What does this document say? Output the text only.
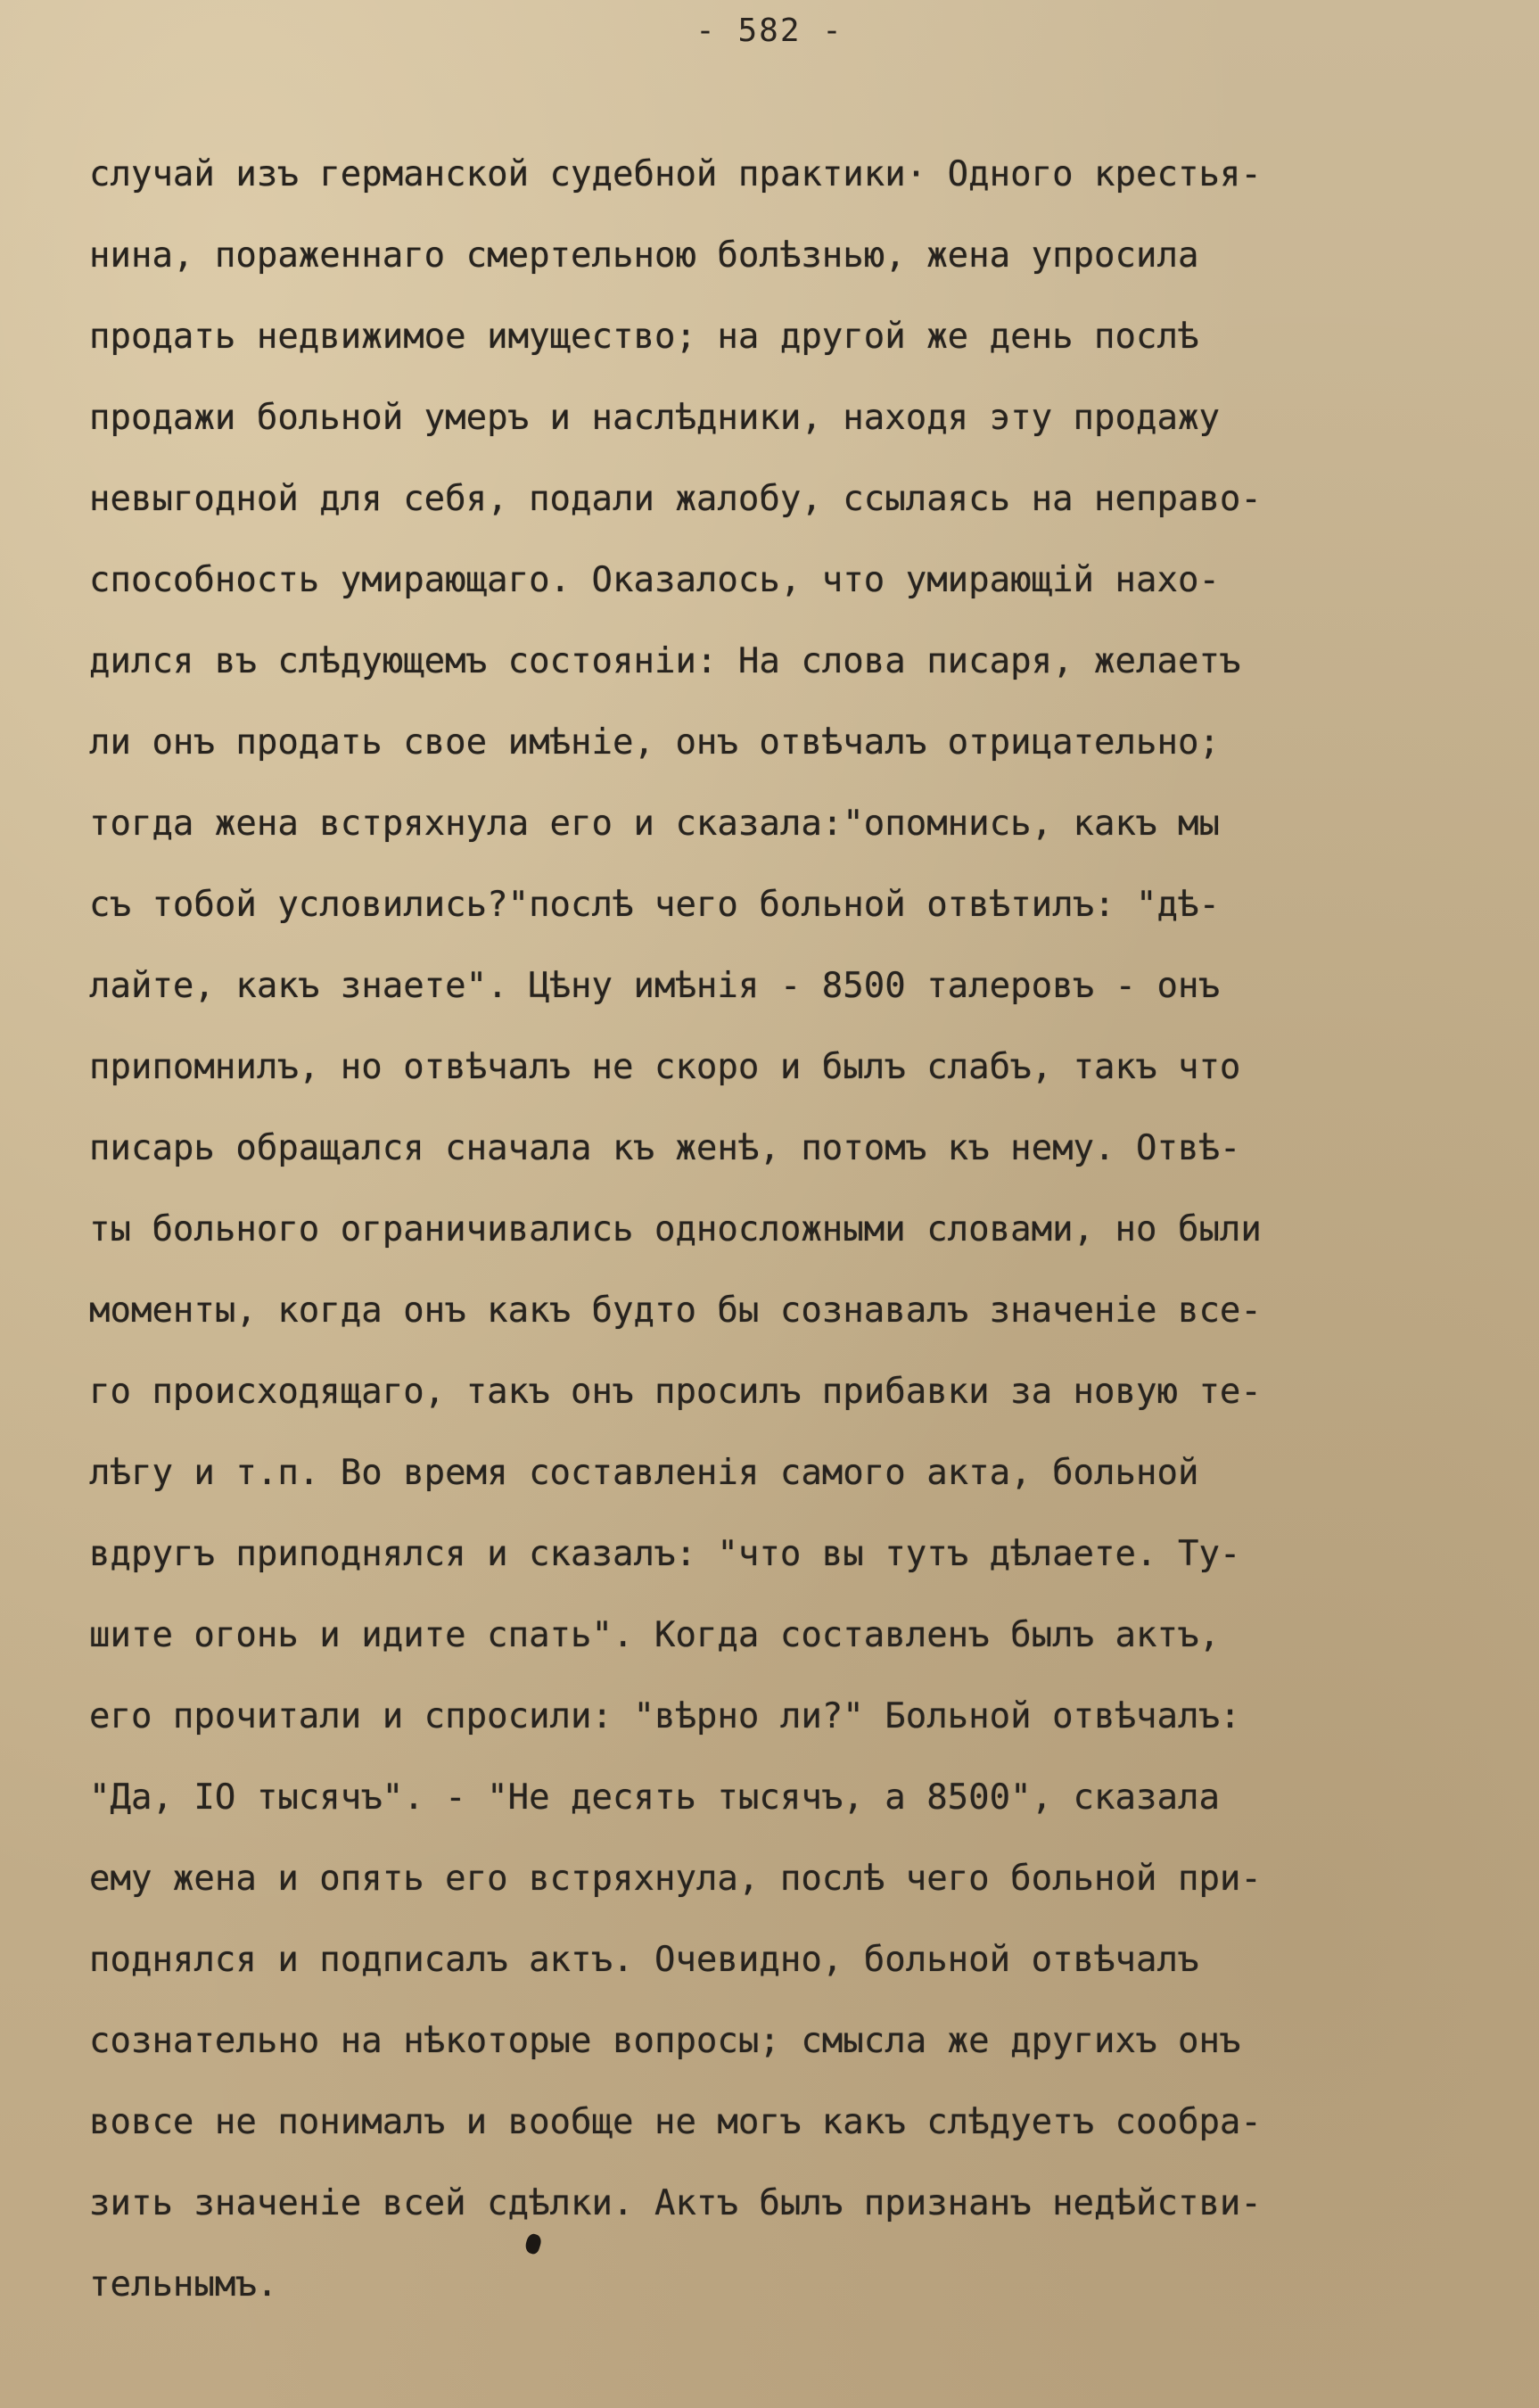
- 582 -
случай изъ германской судебной практики· Одного крестья-
нина, пораженнаго смертельною болѣзнью, жена упросила
продать недвижимое имущество; на другой же день послѣ
продажи больной умеръ и наслѣдники, находя эту продажу
невыгодной для себя, подали жалобу, ссылаясь на неправо-
способность умирающаго. Оказалось, что умирающій нахо-
дился въ слѣдующемъ состояніи: На слова писаря, желаетъ
ли онъ продать свое имѣніе, онъ отвѣчалъ отрицательно;
тогда жена встряхнула его и сказала:"опомнись, какъ мы
съ тобой условились?"послѣ чего больной отвѣтилъ: "дѣ-
лайте, какъ знаете". Цѣну имѣнія - 8500 талеровъ - онъ
припомнилъ, но отвѣчалъ не скоро и былъ слабъ, такъ что
писарь обращался сначала къ женѣ, потомъ къ нему. Отвѣ-
ты больного ограничивались односложными словами, но были
моменты, когда онъ какъ будто бы сознавалъ значеніе все-
го происходящаго, такъ онъ просилъ прибавки за новую те-
лѣгу и т.п. Во время составленія самого акта, больной
вдругъ приподнялся и сказалъ: "что вы тутъ дѣлаете. Ту-
шите огонь и идите спать". Когда составленъ былъ актъ,
его прочитали и спросили: "вѣрно ли?" Больной отвѣчалъ:
"Да, IO тысячъ". - "Не десять тысячъ, а 8500", сказала
ему жена и опять его встряхнула, послѣ чего больной при-
поднялся и подписалъ актъ. Очевидно, больной отвѣчалъ
сознательно на нѣкоторые вопросы; смысла же другихъ онъ
вовсе не понималъ и вообще не могъ какъ слѣдуетъ сообра-
зить значеніе всей сдѣлки. Актъ былъ признанъ недѣйстви-
тельнымъ.
